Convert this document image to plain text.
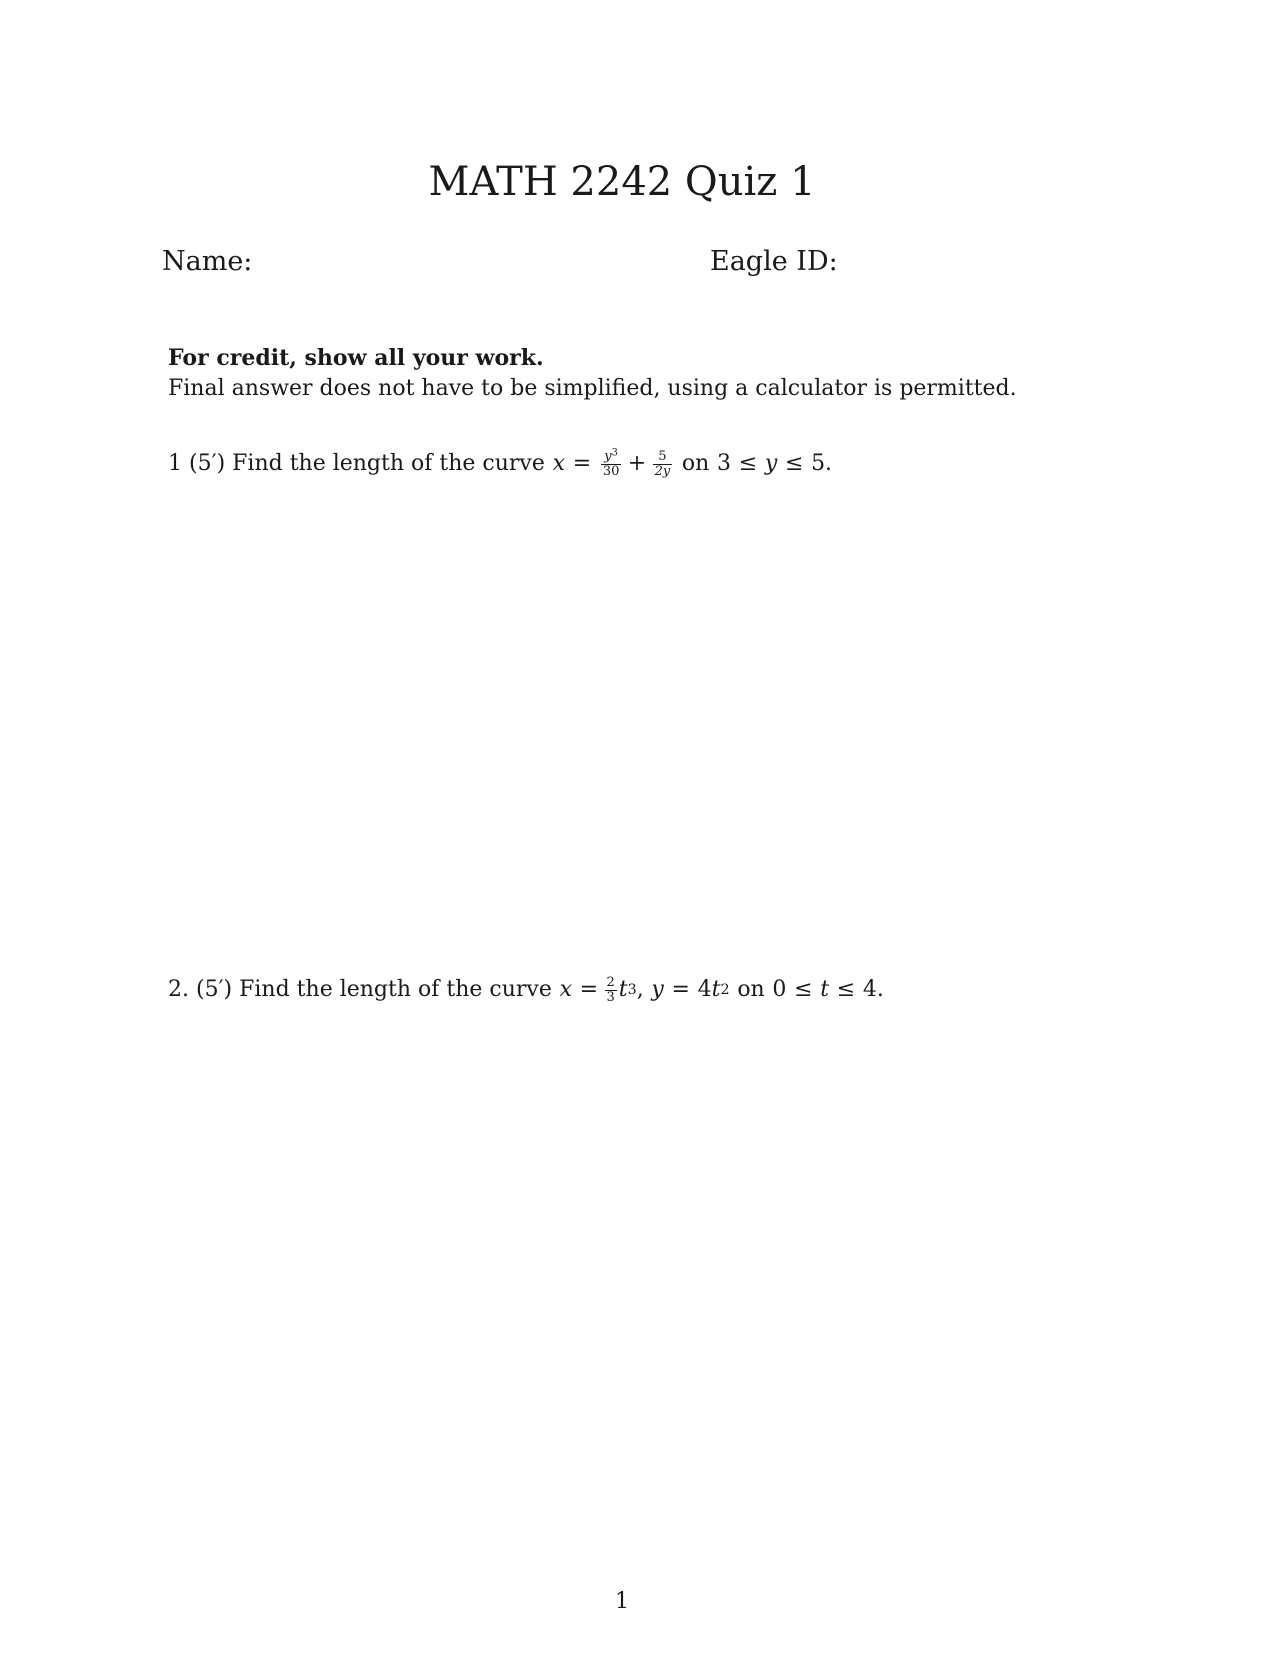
MATH 2242 Quiz 1
Name:	Eagle ID:
For credit, show all your work.
Final answer does not have to be simplified, using a calculator is permitted.
1 (5′) Find the length of the curve $x = \frac{y^3}{30} + \frac{5}{2y}$ on 3 ≤ y ≤ 5.
2. (5′) Find the length of the curve $x = \frac{2}{3}$ t 3 , y = 4 t 2 on 0 ≤ t ≤ 4.
1
